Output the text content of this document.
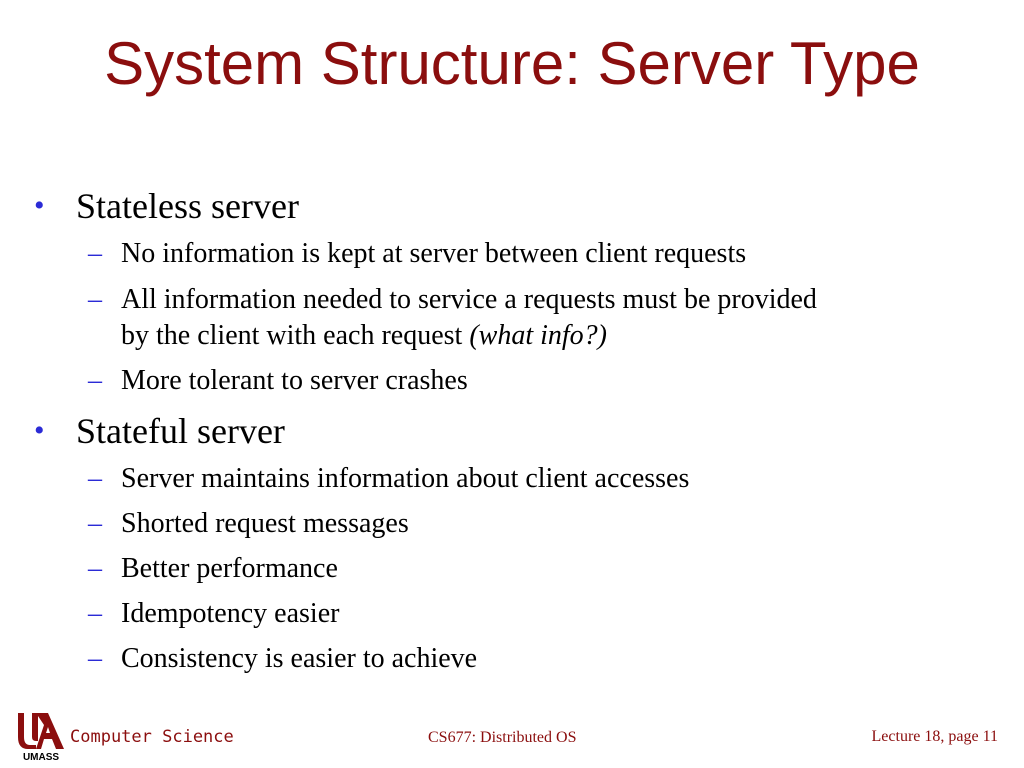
System Structure: Server Type
• Stateless server
– No information is kept at server between client requests
– All information needed to service a requests must be provided
by the client with each request (what info?)
– More tolerant to server crashes
• Stateful server
– Server maintains information about client accesses
– Shorted request messages
– Better performance
– Idempotency easier
– Consistency is easier to achieve
UMASS
Computer Science	CS677: Distributed OS	Lecture 18, page 11
